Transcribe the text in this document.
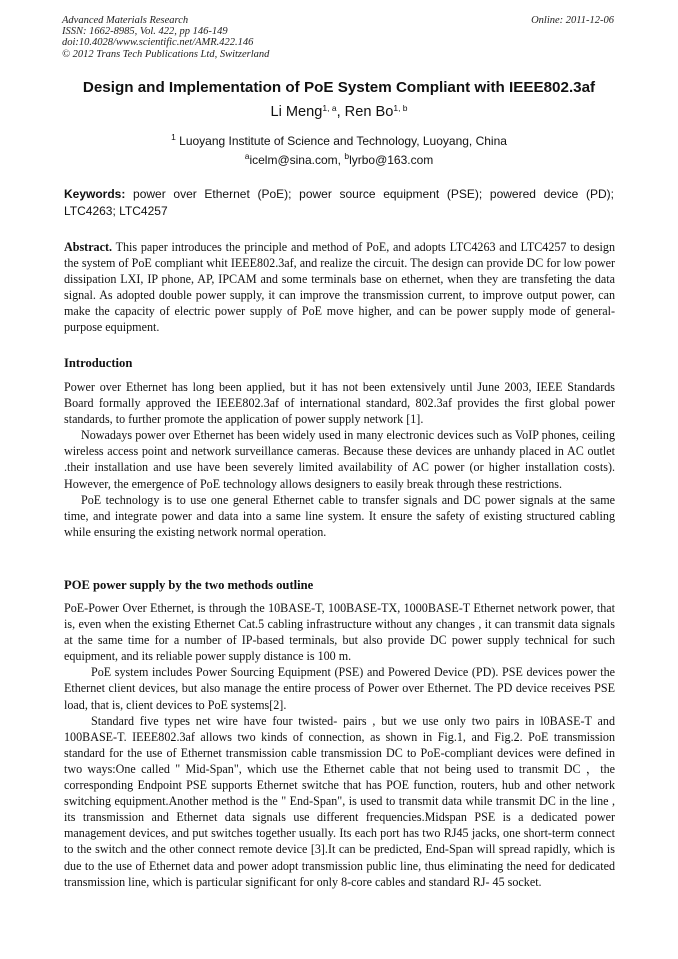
Advanced Materials Research
ISSN: 1662-8985, Vol. 422, pp 146-149
doi:10.4028/www.scientific.net/AMR.422.146
© 2012 Trans Tech Publications Ltd, Switzerland
Online: 2011-12-06
Design and Implementation of PoE System Compliant with IEEE802.3af
Li Meng$^{1, a}$, Ren Bo$^{1, b}$
$^1$ Luoyang Institute of Science and Technology, Luoyang, China
$^a$icelm@sina.com, $^b$lyrbo@163.com
Keywords: power over Ethernet (PoE); power source equipment (PSE); powered device (PD); LTC4263; LTC4257

Abstract. This paper introduces the principle and method of PoE, and adopts LTC4263 and LTC4257 to design the system of PoE compliant whit IEEE802.3af, and realize the circuit. The design can provide DC for low power dissipation LXI, IP phone, AP, IPCAM and some terminals base on ethernet, when they are transfeting the data signal. As adopted double power supply, it can improve the transmission current, to improve output power, can make the capacity of electric power supply of PoE move higher, and can be power supply mode of general-purpose equipment.

Introduction

Power over Ethernet has long been applied, but it has not been extensively until June 2003, IEEE Standards Board formally approved the IEEE802.3af of international standard, 802.3af provides the first global power standards, to further promote the application of power supply network [1].

Nowadays power over Ethernet has been widely used in many electronic devices such as VoIP phones, ceiling wireless access point and network surveillance cameras. Because these devices are unhandy placed in AC outlet .their installation and use have been severely limited availability of AC power (or higher installation costs). However, the emergence of PoE technology allows designers to easily break through these restrictions.

PoE technology is to use one general Ethernet cable to transfer signals and DC power signals at the same time, and integrate power and data into a same line system. It ensure the safety of existing structured cabling while ensuring the existing network normal operation.

POE power supply by the two methods outline

PoE-Power Over Ethernet, is through the 10BASE-T, 100BASE-TX, 1000BASE-T Ethernet network power, that is, even when the existing Ethernet Cat.5 cabling infrastructure without any changes , it can transmit data signals at the same time for a number of IP-based terminals, but also provide DC power supply technical for such equipment, and its reliable power supply distance is 100 m.

PoE system includes Power Sourcing Equipment (PSE) and Powered Device (PD). PSE devices power the Ethernet client devices, but also manage the entire process of Power over Ethernet. The PD device receives PSE load, that is, client devices to PoE systems[2].

Standard five types net wire have four twisted- pairs , but we use only two pairs in l0BASE-T and 100BASE-T. IEEE802.3af allows two kinds of connection, as shown in Fig.1, and Fig.2. PoE transmission standard for the use of Ethernet transmission cable transmission DC to PoE-compliant devices were defined in two ways:One called " Mid-Span", which use the Ethernet cable that not being used to transmit DC ，the corresponding Endpoint PSE supports Ethernet switche that has POE function, routers, hub and other network switching equipment.Another method is the " End-Span", is used to transmit data while transmit DC in the line , its transmission and Ethernet data signals use different frequencies.Midspan PSE is a dedicated power management devices, and put switches together usually. Its each port has two RJ45 jacks, one short-term connect to the switch and the other connect remote device [3].It can be predicted, End-Span will spread rapidly, which is due to the use of Ethernet data and power adopt transmission public line, thus eliminating the need for dedicated transmission line, which is particular significant for only 8-core cables and standard RJ- 45 socket.
